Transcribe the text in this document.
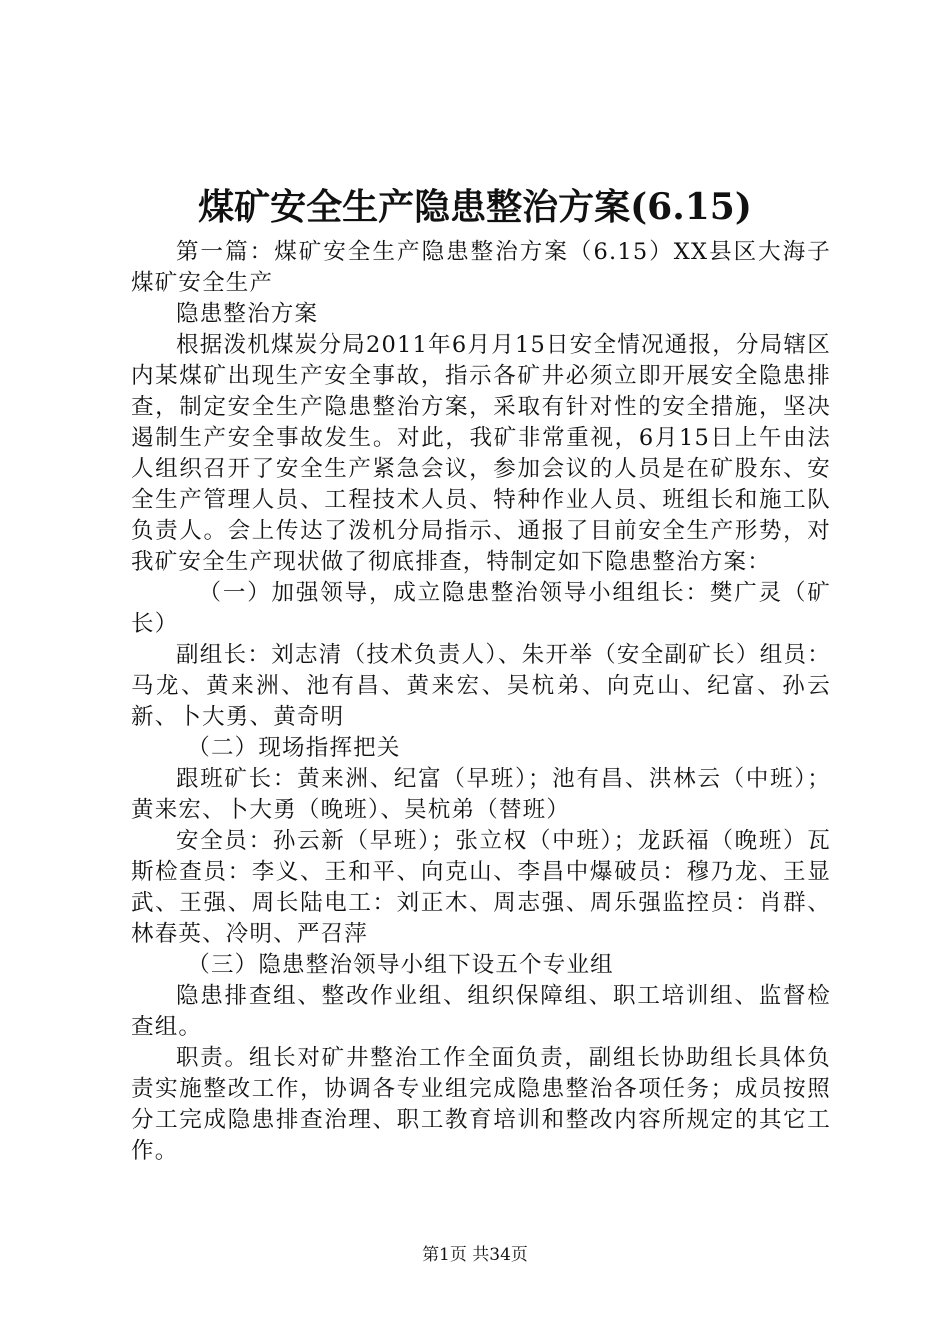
煤矿安全生产隐患整治方案(6.15)

第一篇：煤矿安全生产隐患整治方案（6.15）XX县区大海子煤矿安全生产

隐患整治方案

根据泼机煤炭分局2011年6月月15日安全情况通报，分局辖区内某煤矿出现生产安全事故，指示各矿井必须立即开展安全隐患排查，制定安全生产隐患整治方案，采取有针对性的安全措施，坚决遏制生产安全事故发生。对此，我矿非常重视，6月15日上午由法人组织召开了安全生产紧急会议，参加会议的人员是在矿股东、安全生产管理人员、工程技术人员、特种作业人员、班组长和施工队负责人。会上传达了泼机分局指示、通报了目前安全生产形势，对我矿安全生产现状做了彻底排查，特制定如下隐患整治方案：

（一）加强领导，成立隐患整治领导小组组长：樊广灵（矿长）

副组长：刘志清（技术负责人）、朱开举（安全副矿长）组员：马龙、黄来洲、池有昌、黄来宏、吴杭弟、向克山、纪富、孙云新、卜大勇、黄奇明

（二）现场指挥把关

跟班矿长：黄来洲、纪富（早班）；池有昌、洪林云（中班）；黄来宏、卜大勇（晚班）、吴杭弟（替班）

安全员：孙云新（早班）；张立权（中班）；龙跃福（晚班）瓦斯检查员：李义、王和平、向克山、李昌中爆破员：穆乃龙、王显武、王强、周长陆电工：刘正木、周志强、周乐强监控员：肖群、林春英、冷明、严召萍

（三）隐患整治领导小组下设五个专业组

隐患排查组、整改作业组、组织保障组、职工培训组、监督检查组。

职责。组长对矿井整治工作全面负责，副组长协助组长具体负责实施整改工作，协调各专业组完成隐患整治各项任务；成员按照分工完成隐患排查治理、职工教育培训和整改内容所规定的其它工作。

第1页 共34页
